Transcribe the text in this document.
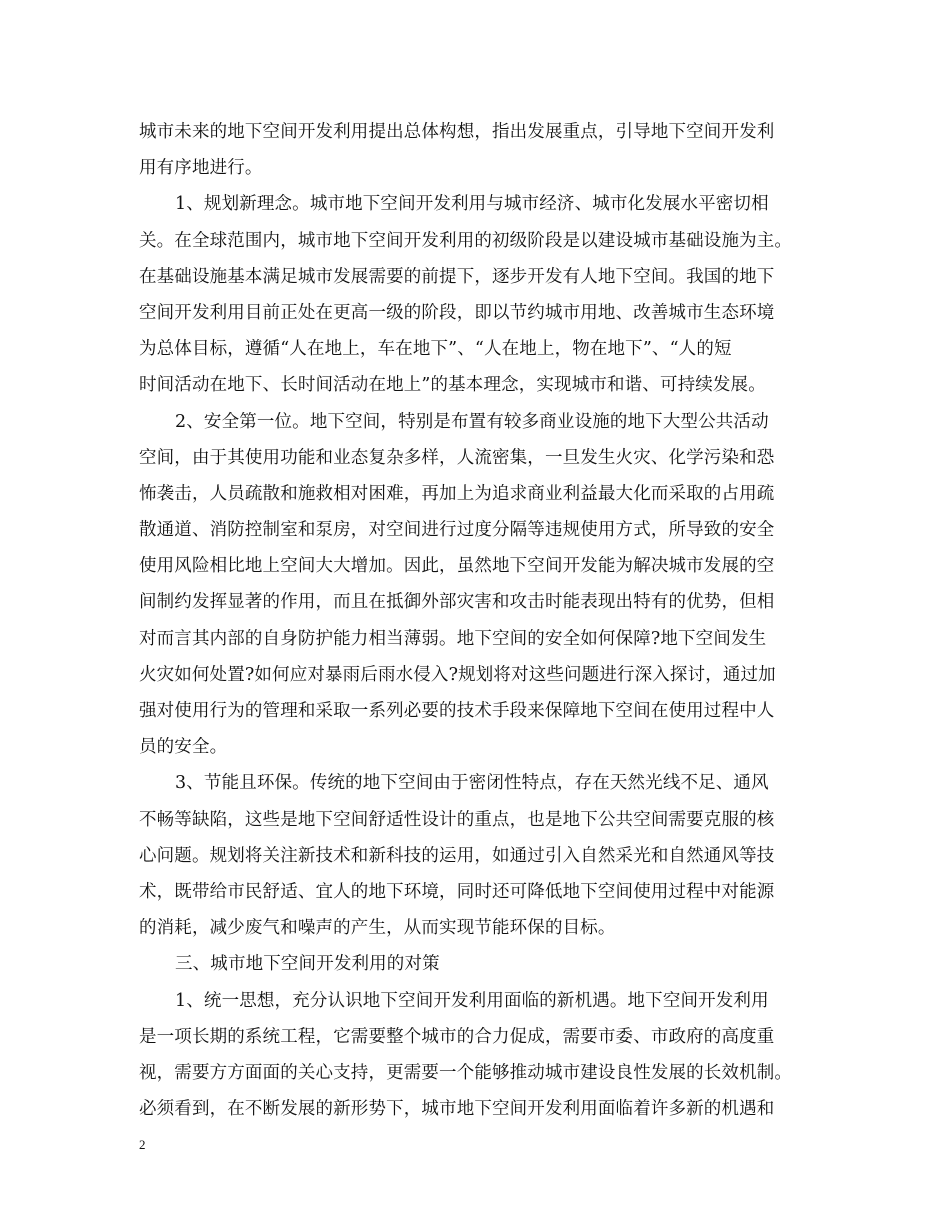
城市未来的地下空间开发利用提出总体构想，指出发展重点，引导地下空间开发利
用有序地进行。
1、规划新理念。城市地下空间开发利用与城市经济、城市化发展水平密切相
关。在全球范围内，城市地下空间开发利用的初级阶段是以建设城市基础设施为主。
在基础设施基本满足城市发展需要的前提下，逐步开发有人地下空间。我国的地下
空间开发利用目前正处在更高一级的阶段，即以节约城市用地、改善城市生态环境
为总体目标，遵循“人在地上，车在地下”、“人在地上，物在地下”、“人的短
时间活动在地下、长时间活动在地上”的基本理念，实现城市和谐、可持续发展。
2、安全第一位。地下空间，特别是布置有较多商业设施的地下大型公共活动
空间，由于其使用功能和业态复杂多样，人流密集，一旦发生火灾、化学污染和恐
怖袭击，人员疏散和施救相对困难，再加上为追求商业利益最大化而采取的占用疏
散通道、消防控制室和泵房，对空间进行过度分隔等违规使用方式，所导致的安全
使用风险相比地上空间大大增加。因此，虽然地下空间开发能为解决城市发展的空
间制约发挥显著的作用，而且在抵御外部灾害和攻击时能表现出特有的优势，但相
对而言其内部的自身防护能力相当薄弱。地下空间的安全如何保障?地下空间发生
火灾如何处置?如何应对暴雨后雨水侵入?规划将对这些问题进行深入探讨，通过加
强对使用行为的管理和采取一系列必要的技术手段来保障地下空间在使用过程中人
员的安全。
3、节能且环保。传统的地下空间由于密闭性特点，存在天然光线不足、通风
不畅等缺陷，这些是地下空间舒适性设计的重点，也是地下公共空间需要克服的核
心问题。规划将关注新技术和新科技的运用，如通过引入自然采光和自然通风等技
术，既带给市民舒适、宜人的地下环境，同时还可降低地下空间使用过程中对能源
的消耗，减少废气和噪声的产生，从而实现节能环保的目标。
三、城市地下空间开发利用的对策
1、统一思想，充分认识地下空间开发利用面临的新机遇。地下空间开发利用
是一项长期的系统工程，它需要整个城市的合力促成，需要市委、市政府的高度重
视，需要方方面面的关心支持，更需要一个能够推动城市建设良性发展的长效机制。
必须看到，在不断发展的新形势下，城市地下空间开发利用面临着许多新的机遇和
2
